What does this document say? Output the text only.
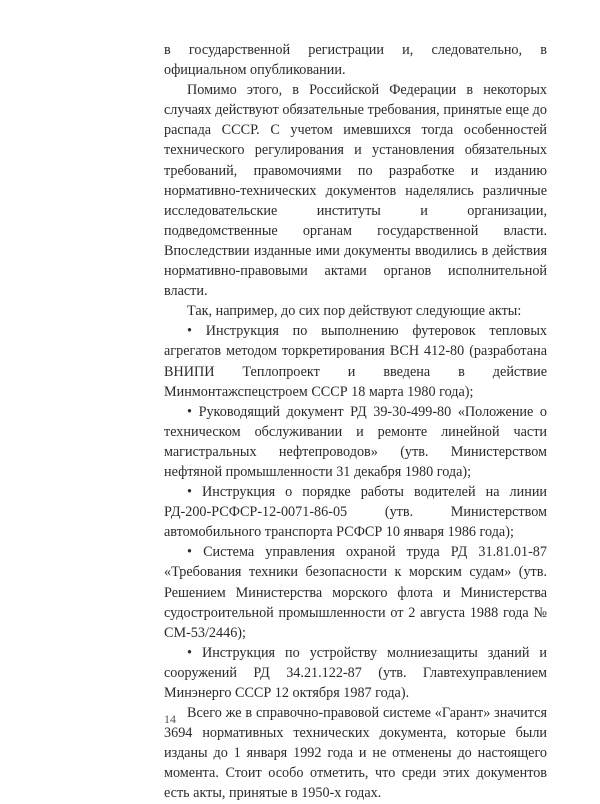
в государственной регистрации и, следовательно, в официальном опубликовании.

Помимо этого, в Российской Федерации в некоторых случаях действуют обязательные требования, принятые еще до распада СССР. С учетом имевшихся тогда особенностей технического регулирования и установления обязательных требований, правомочиями по разработке и изданию нормативно-технических документов наделялись различные исследовательские институты и организации, подведомственные органам государственной власти. Впоследствии изданные ими документы вводились в действия нормативно-правовыми актами органов исполнительной власти.

Так, например, до сих пор действуют следующие акты:

• Инструкция по выполнению футеровок тепловых агрегатов методом торкретирования ВСН 412-80 (разработана ВНИПИ Теплопроект и введена в действие Минмонтажспецстроем СССР 18 марта 1980 года);

• Руководящий документ РД 39-30-499-80 «Положение о техническом обслуживании и ремонте линейной части магистральных нефтепроводов» (утв. Министерством нефтяной промышленности 31 декабря 1980 года);

• Инструкция о порядке работы водителей на линии РД-200-РСФСР-12-0071-86-05 (утв. Министерством автомобильного транспорта РСФСР 10 января 1986 года);

• Система управления охраной труда РД 31.81.01-87 «Требования техники безопасности к морским судам» (утв. Решением Министерства морского флота и Министерства судостроительной промышленности от 2 августа 1988 года № СМ-53/2446);

• Инструкция по устройству молниезащиты зданий и сооружений РД 34.21.122-87 (утв. Главтехуправлением Минэнерго СССР 12 октября 1987 года).

Всего же в справочно-правовой системе «Гарант» значится 3694 нормативных технических документа, которые были изданы до 1 января 1992 года и не отменены до настоящего момента. Стоит особо отметить, что среди этих документов есть акты, принятые в 1950-х годах.

14
